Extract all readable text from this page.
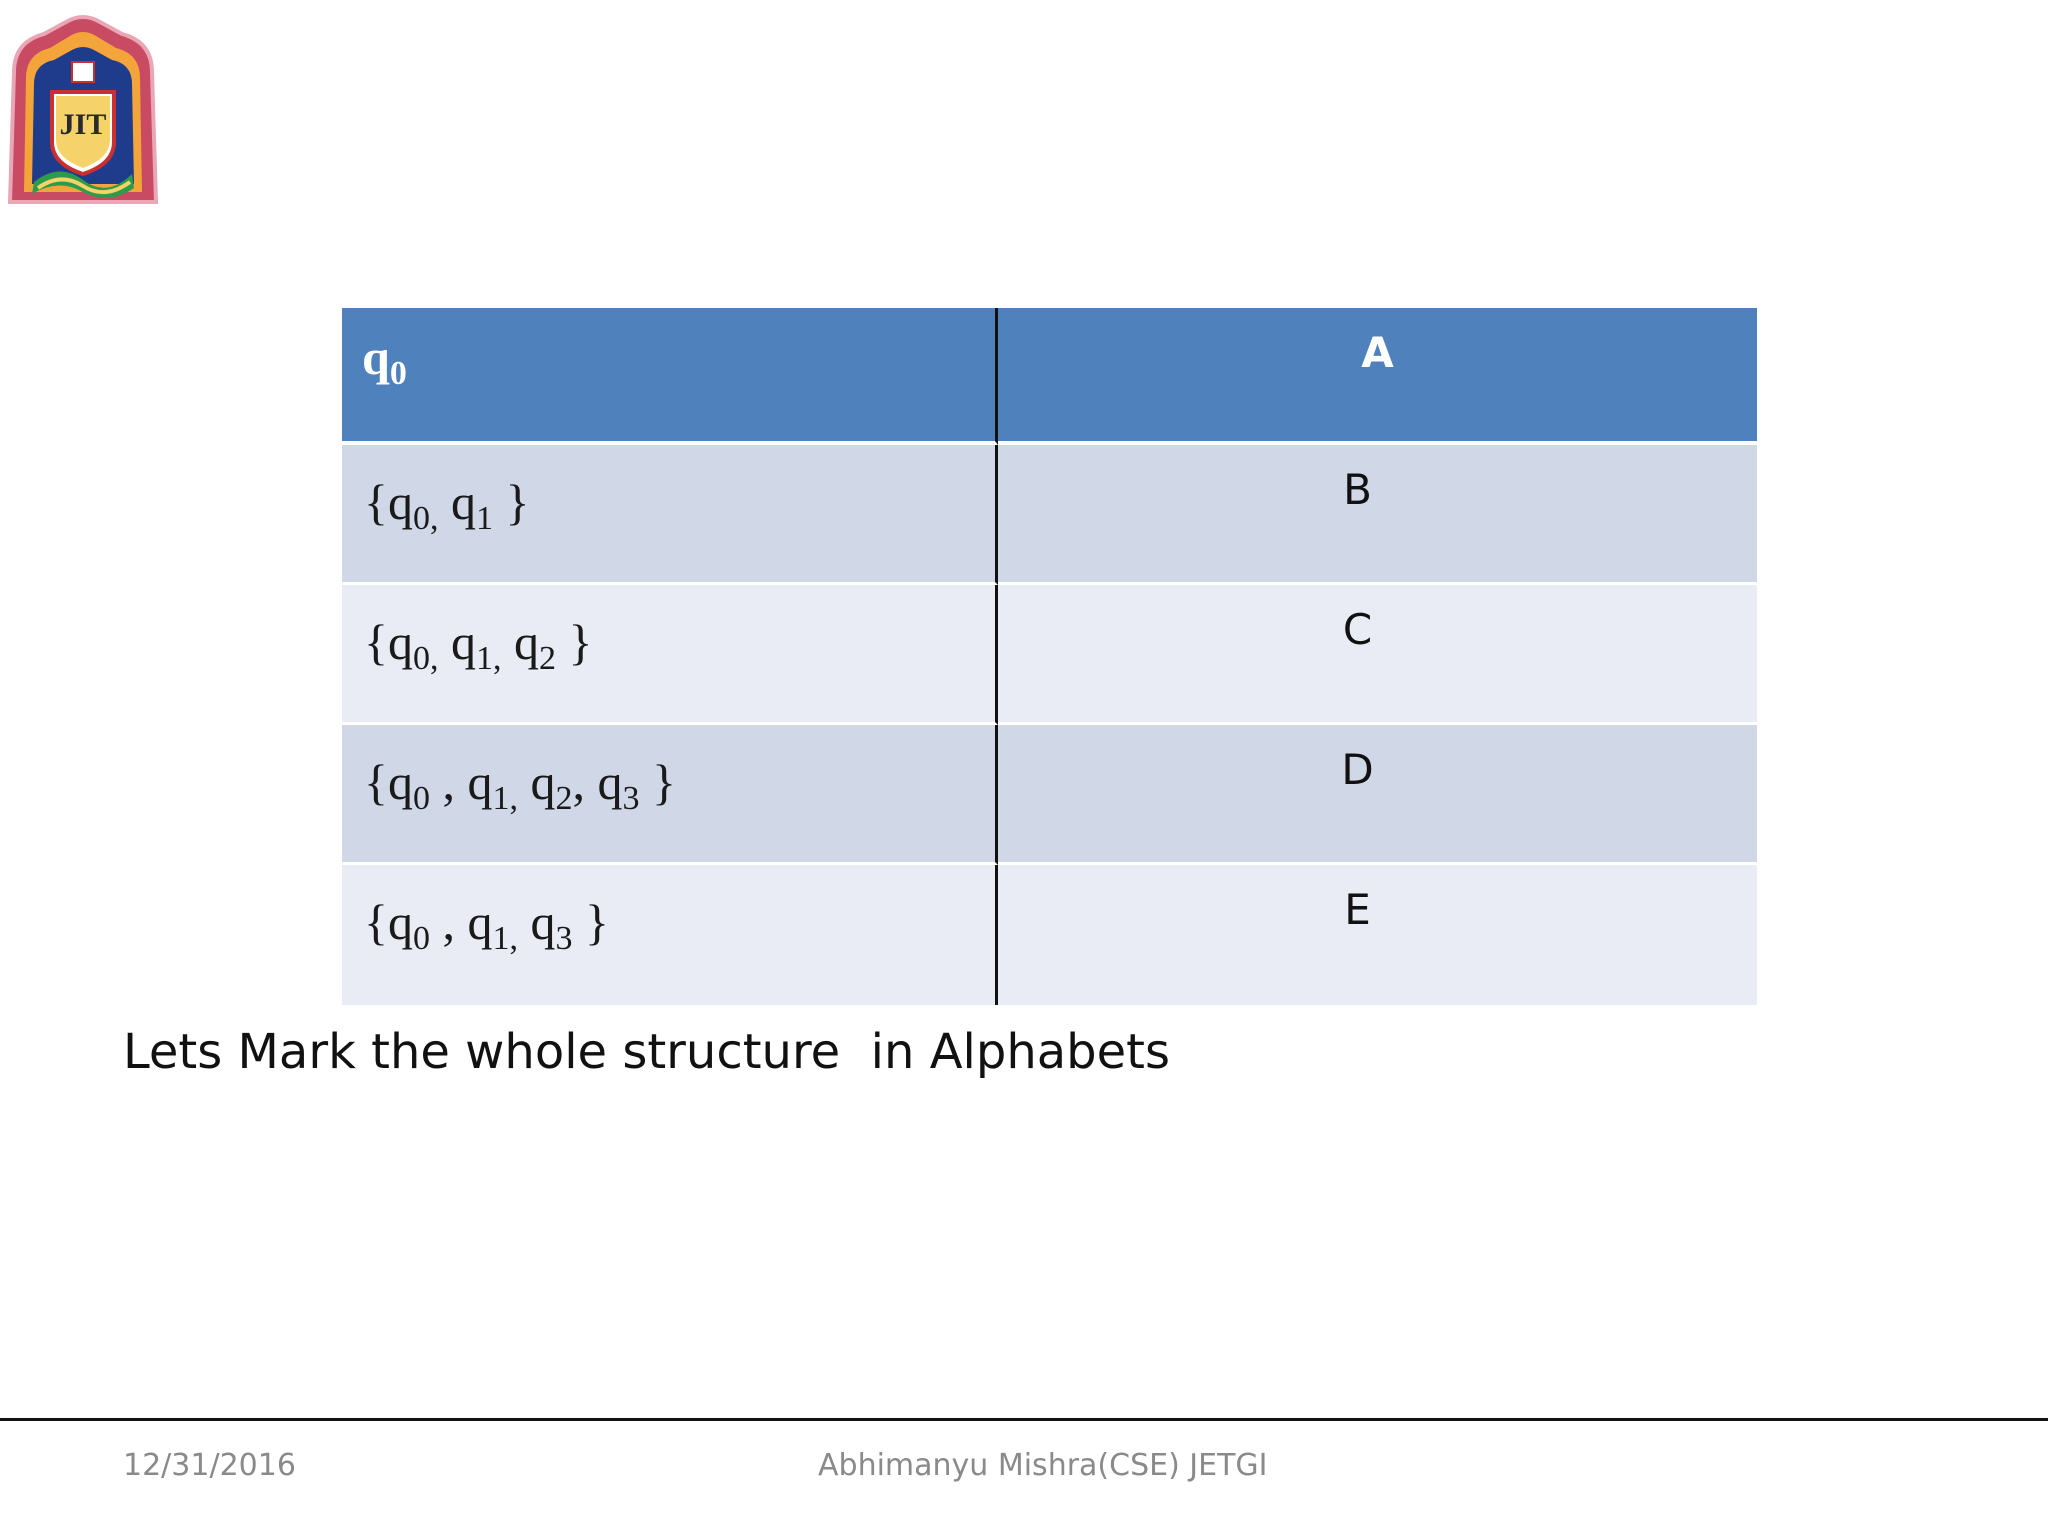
JIT
$q_0$	A
{$q_{0,}$ $q_1$ }	B
{$q_{0,}$ $q_{1,}$ $q_2$ }	C
{$q_0$ , $q_{1,}$ $q_2$, $q_3$ }	D
{$q_0$ , $q_{1,}$ $q_3$ }	E
Lets Mark the whole structure  in Alphabets
12/31/2016	Abhimanyu Mishra(CSE) JETGI
